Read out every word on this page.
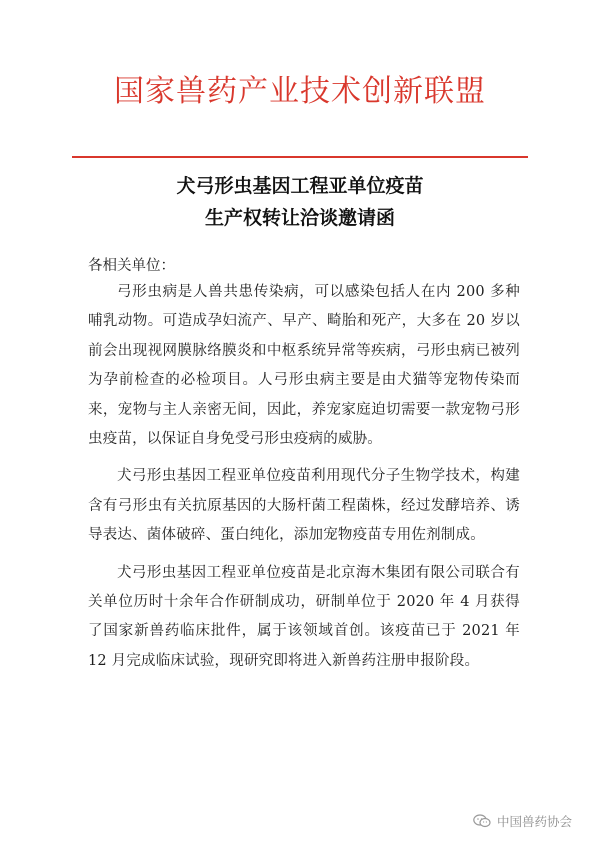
国家兽药产业技术创新联盟
犬弓形虫基因工程亚单位疫苗
生产权转让洽谈邀请函
各相关单位：

弓形虫病是人兽共患传染病，可以感染包括人在内 200 多种哺乳动物。可造成孕妇流产、早产、畸胎和死产，大多在 20 岁以前会出现视网膜脉络膜炎和中枢系统异常等疾病，弓形虫病已被列为孕前检查的必检项目。人弓形虫病主要是由犬猫等宠物传染而来，宠物与主人亲密无间，因此，养宠家庭迫切需要一款宠物弓形虫疫苗，以保证自身免受弓形虫疫病的威胁。

犬弓形虫基因工程亚单位疫苗利用现代分子生物学技术，构建含有弓形虫有关抗原基因的大肠杆菌工程菌株，经过发酵培养、诱导表达、菌体破碎、蛋白纯化，添加宠物疫苗专用佐剂制成。

犬弓形虫基因工程亚单位疫苗是北京海木集团有限公司联合有关单位历时十余年合作研制成功，研制单位于 2020 年 4 月获得了国家新兽药临床批件，属于该领域首创。该疫苗已于 2021 年 12 月完成临床试验，现研究即将进入新兽药注册申报阶段。

中国兽药协会
